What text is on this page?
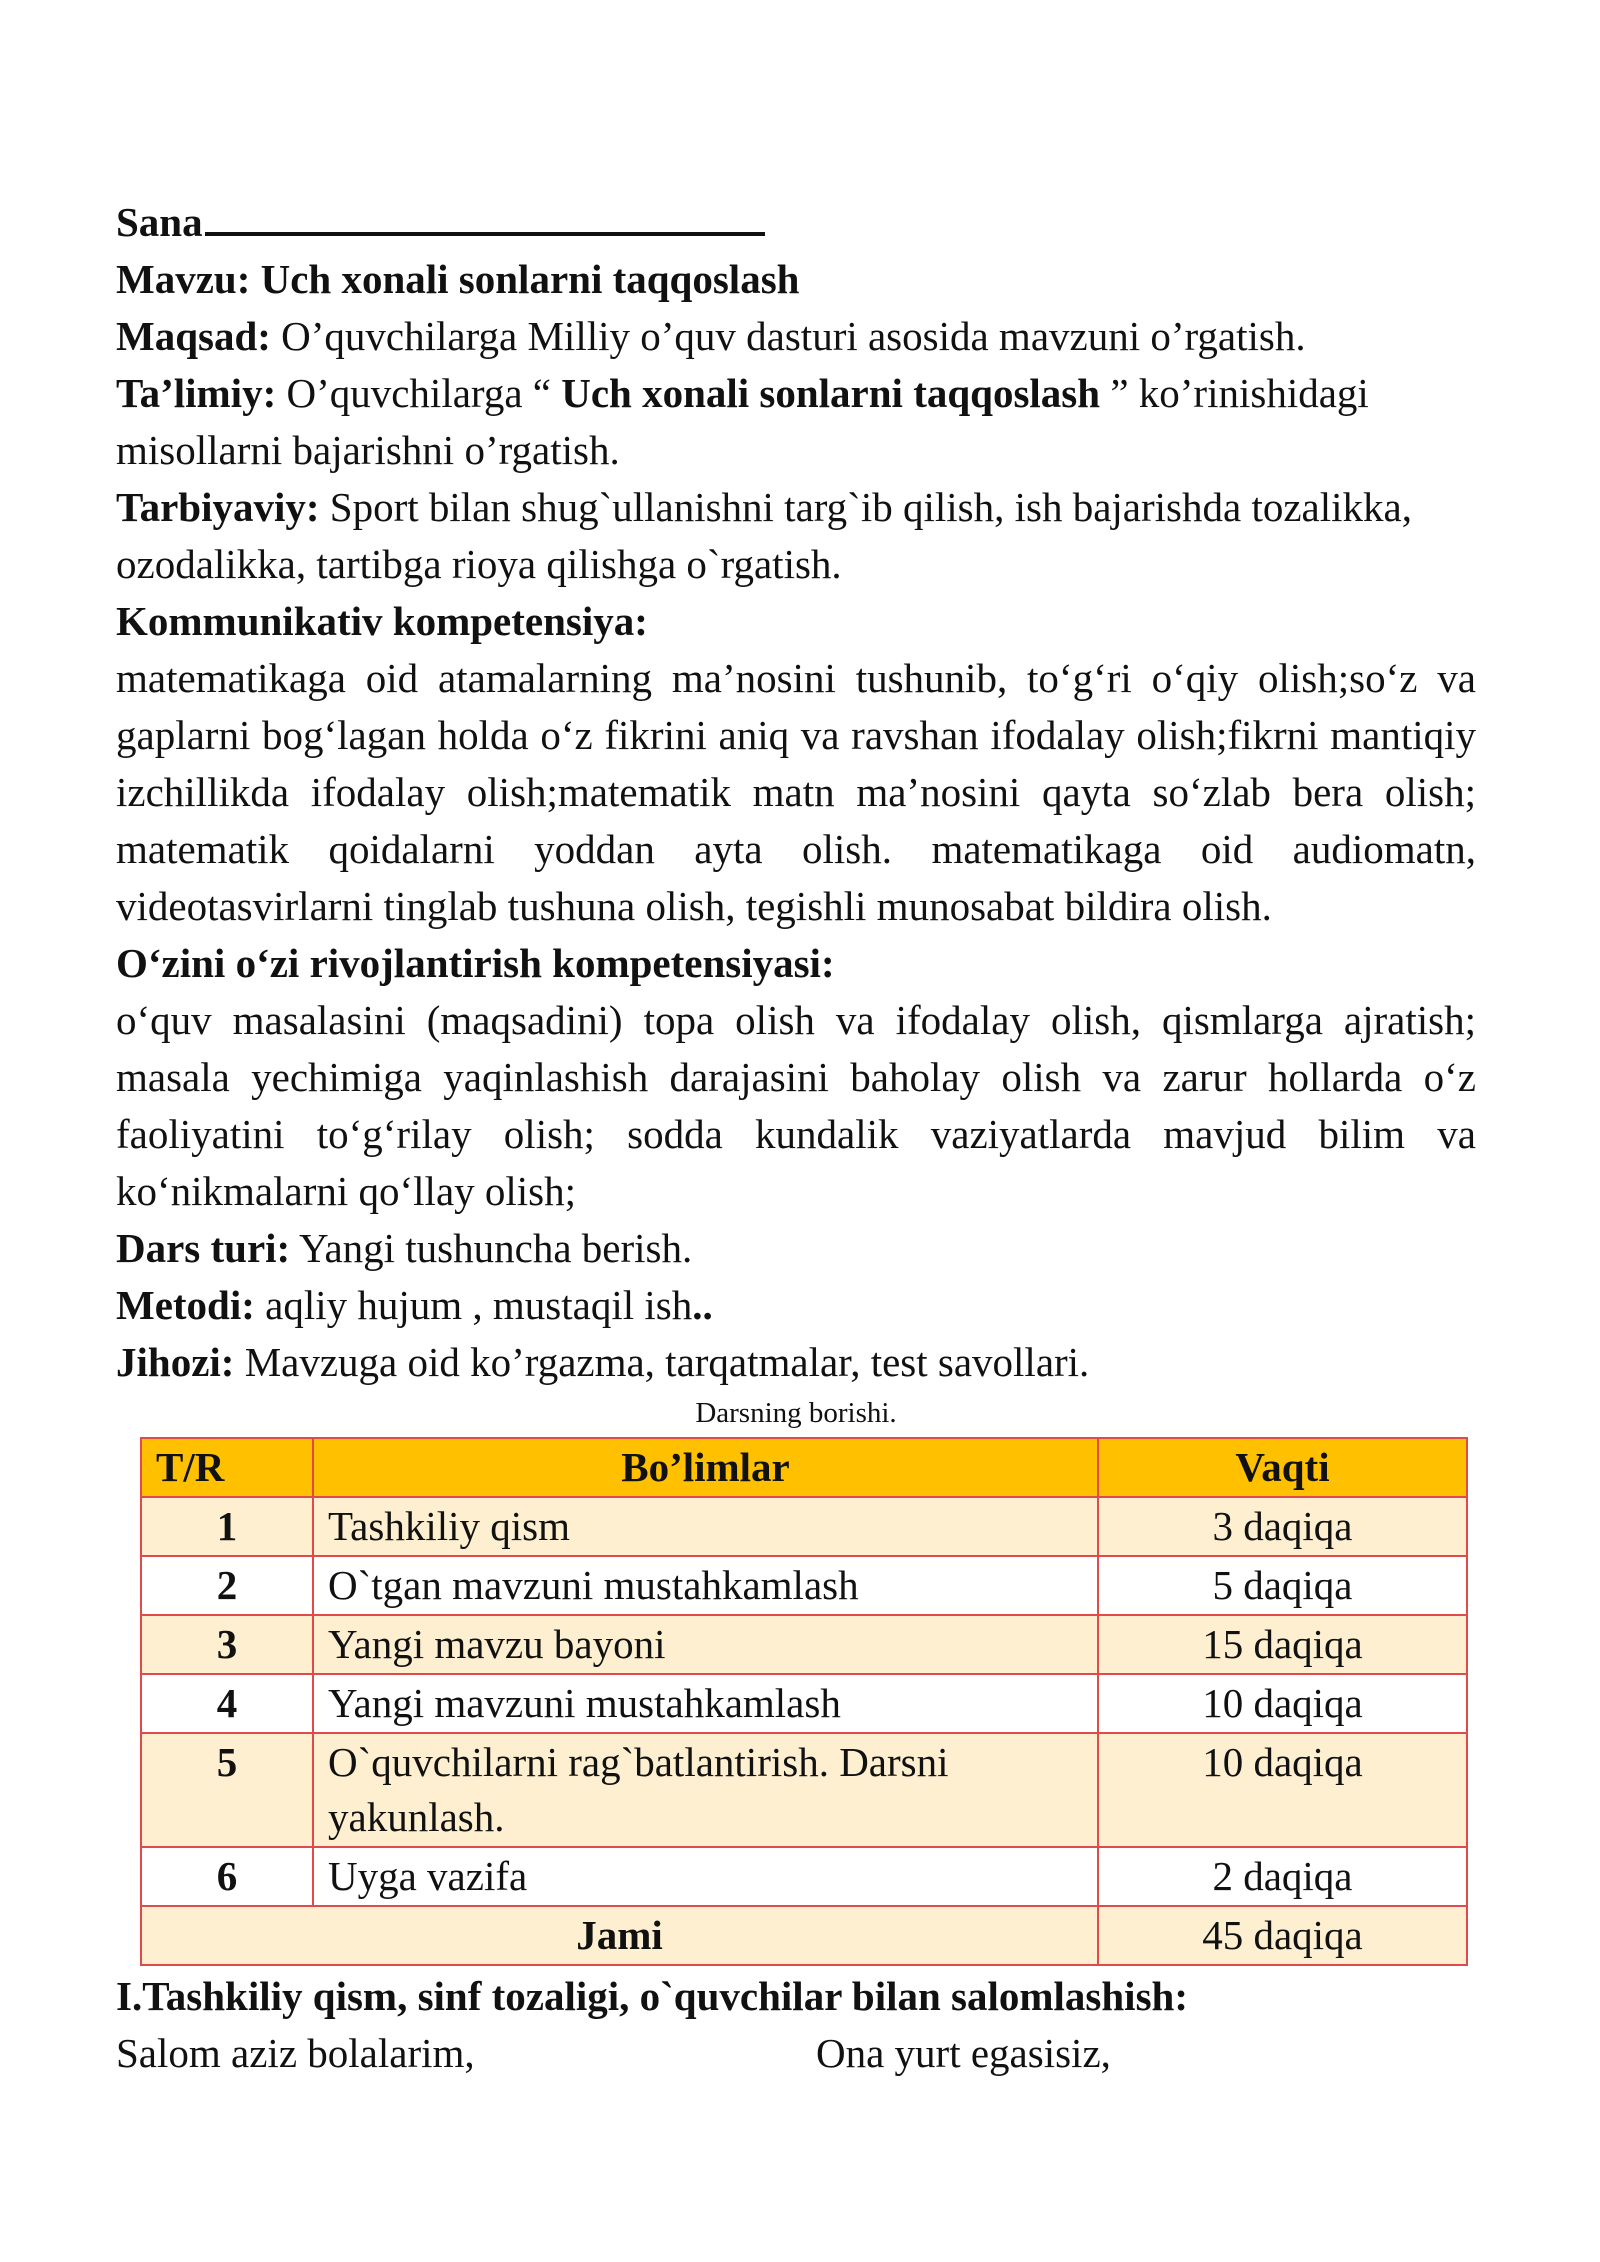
Sana

Mavzu: Uch xonali sonlarni taqqoslash

Maqsad: O’quvchilarga Milliy o’quv dasturi asosida mavzuni o’rgatish.

Ta’limiy: O’quvchilarga “ Uch xonali sonlarni taqqoslash ” ko’rinishidagi misollarni bajarishni o’rgatish.

Tarbiyaviy: Sport bilan shug`ullanishni targ`ib qilish, ish bajarishda tozalikka, ozodalikka, tartibga rioya qilishga o`rgatish.

Kommunikativ kompetensiya:

matematikaga oid atamalarning ma’nosini tushunib, to‘g‘ri o‘qiy olish;so‘z va gaplarni bog‘lagan holda o‘z fikrini aniq va ravshan ifodalay olish;fikrni mantiqiy izchillikda ifodalay olish;matematik matn ma’nosini qayta so‘zlab bera olish; matematik qoidalarni yoddan ayta olish. matematikaga oid audiomatn, videotasvirlarni tinglab tushuna olish, tegishli munosabat bildira olish.

O‘zini o‘zi rivojlantirish kompetensiyasi:

o‘quv masalasini (maqsadini) topa olish va ifodalay olish, qismlarga ajratish; masala yechimiga yaqinlashish darajasini baholay olish va zarur hollarda o‘z faoliyatini to‘g‘rilay olish; sodda kundalik vaziyatlarda mavjud bilim va ko‘nikmalarni qo‘llay olish;

Dars turi: Yangi tushuncha berish.

Metodi: aqliy hujum , mustaqil ish..

Jihozi: Mavzuga oid ko’rgazma, tarqatmalar, test savollari.

Darsning borishi.

T/R	Bo’limlar	Vaqti
1	Tashkiliy qism	3 daqiqa
2	O`tgan mavzuni mustahkamlash	5 daqiqa
3	Yangi mavzu bayoni	15 daqiqa
4	Yangi mavzuni mustahkamlash	10 daqiqa
5	O`quvchilarni rag`batlantirish. Darsni yakunlash.	10 daqiqa
6	Uyga vazifa	2 daqiqa
Jami		45 daqiqa

I.Tashkiliy qism, sinf tozaligi, o`quvchilar bilan salomlashish:

Salom aziz bolalarim,	Ona yurt egasisiz,
